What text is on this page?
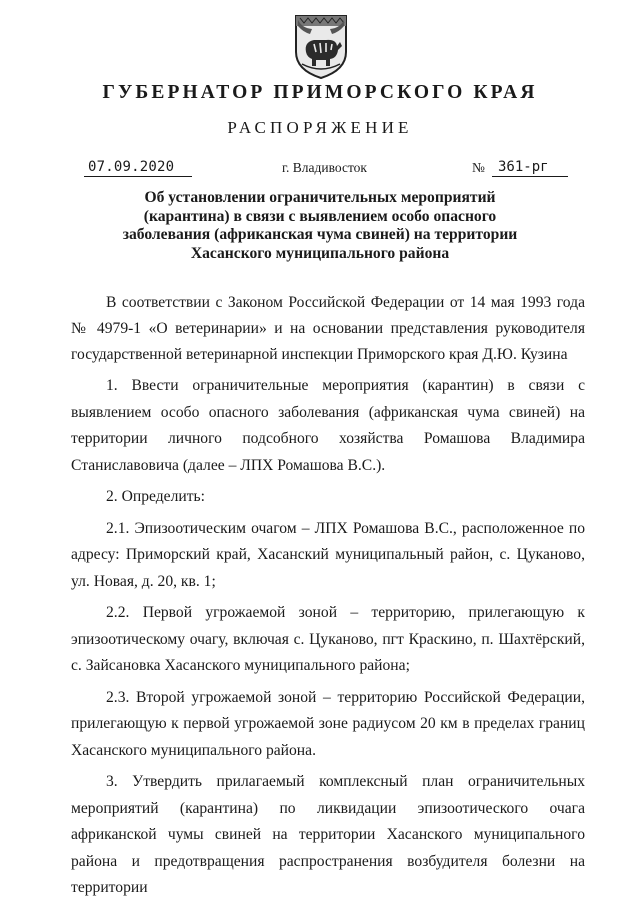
ГУБЕРНАТОР ПРИМОРСКОГО КРАЯ
РАСПОРЯЖЕНИЕ
07.09.2020	г. Владивосток	№ 361-рг
Об установлении ограничительных мероприятий
(карантина) в связи с выявлением особо опасного
заболевания (африканская чума свиней) на территории
Хасанского муниципального района

В соответствии с Законом Российской Федерации от 14 мая 1993 года № 4979-1 «О ветеринарии» и на основании представления руководителя государственной ветеринарной инспекции Приморского края Д.Ю. Кузина

1. Ввести ограничительные мероприятия (карантин) в связи с выявлением особо опасного заболевания (африканская чума свиней) на территории личного подсобного хозяйства Ромашова Владимира Станиславовича (далее – ЛПХ Ромашова В.С.).

2. Определить:

2.1. Эпизоотическим очагом – ЛПХ Ромашова В.С., расположенное по адресу: Приморский край, Хасанский муниципальный район, с. Цуканово, ул. Новая, д. 20, кв. 1;

2.2. Первой угрожаемой зоной – территорию, прилегающую к эпизоотическому очагу, включая с. Цуканово, пгт Краскино, п. Шахтёрский, с. Зайсановка Хасанского муниципального района;

2.3. Второй угрожаемой зоной – территорию Российской Федерации, прилегающую к первой угрожаемой зоне радиусом 20 км в пределах границ Хасанского муниципального района.

3. Утвердить прилагаемый комплексный план ограничительных мероприятий (карантина) по ликвидации эпизоотического очага африканской чумы свиней на территории Хасанского муниципального района и предотвращения распространения возбудителя болезни на территории
